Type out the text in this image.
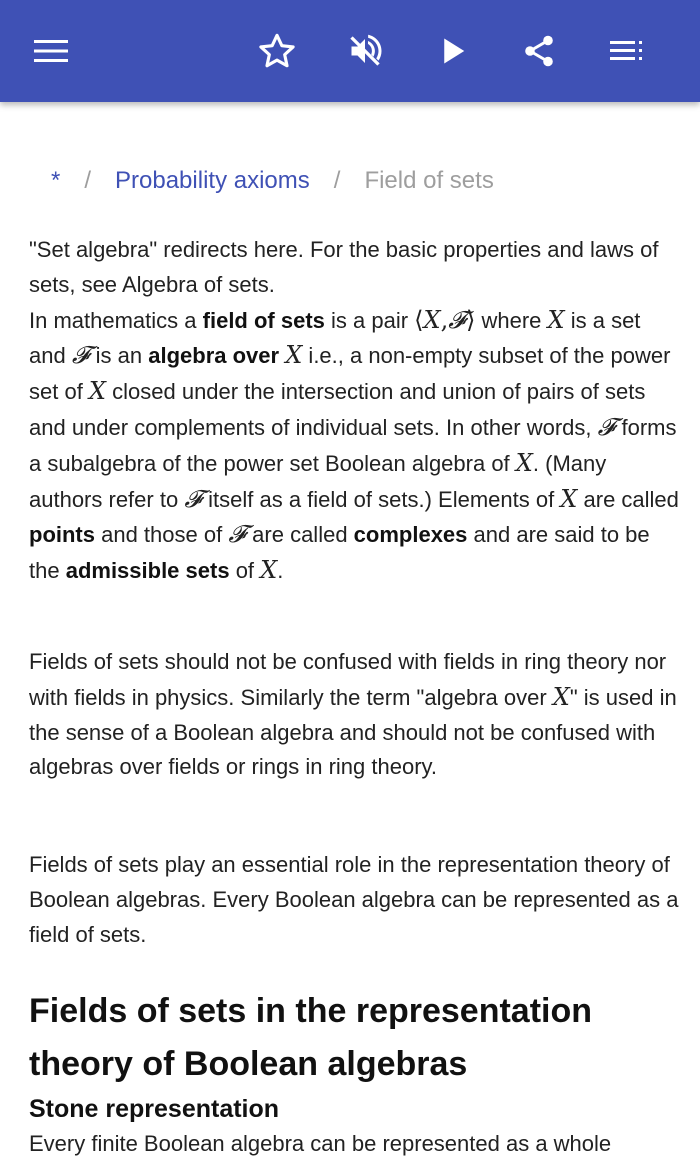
* / Probability axioms / Field of sets
"Set algebra" redirects here. For the basic properties and laws of sets, see Algebra of sets.
In mathematics a field of sets is a pair ⟨X,𝓕⟩ where X is a set and 𝓕 is an algebra over X i.e., a non-empty subset of the power set of X closed under the intersection and union of pairs of sets and under complements of individual sets. In other words, 𝓕 forms a subalgebra of the power set Boolean algebra of X. (Many authors refer to 𝓕 itself as a field of sets.) Elements of X are called points and those of 𝓕 are called complexes and are said to be the admissible sets of X.
Fields of sets should not be confused with fields in ring theory nor with fields in physics. Similarly the term "algebra over X" is used in the sense of a Boolean algebra and should not be confused with algebras over fields or rings in ring theory.
Fields of sets play an essential role in the representation theory of Boolean algebras. Every Boolean algebra can be represented as a field of sets.
Fields of sets in the representation theory of Boolean algebras
Stone representation
Every finite Boolean algebra can be represented as a whole
